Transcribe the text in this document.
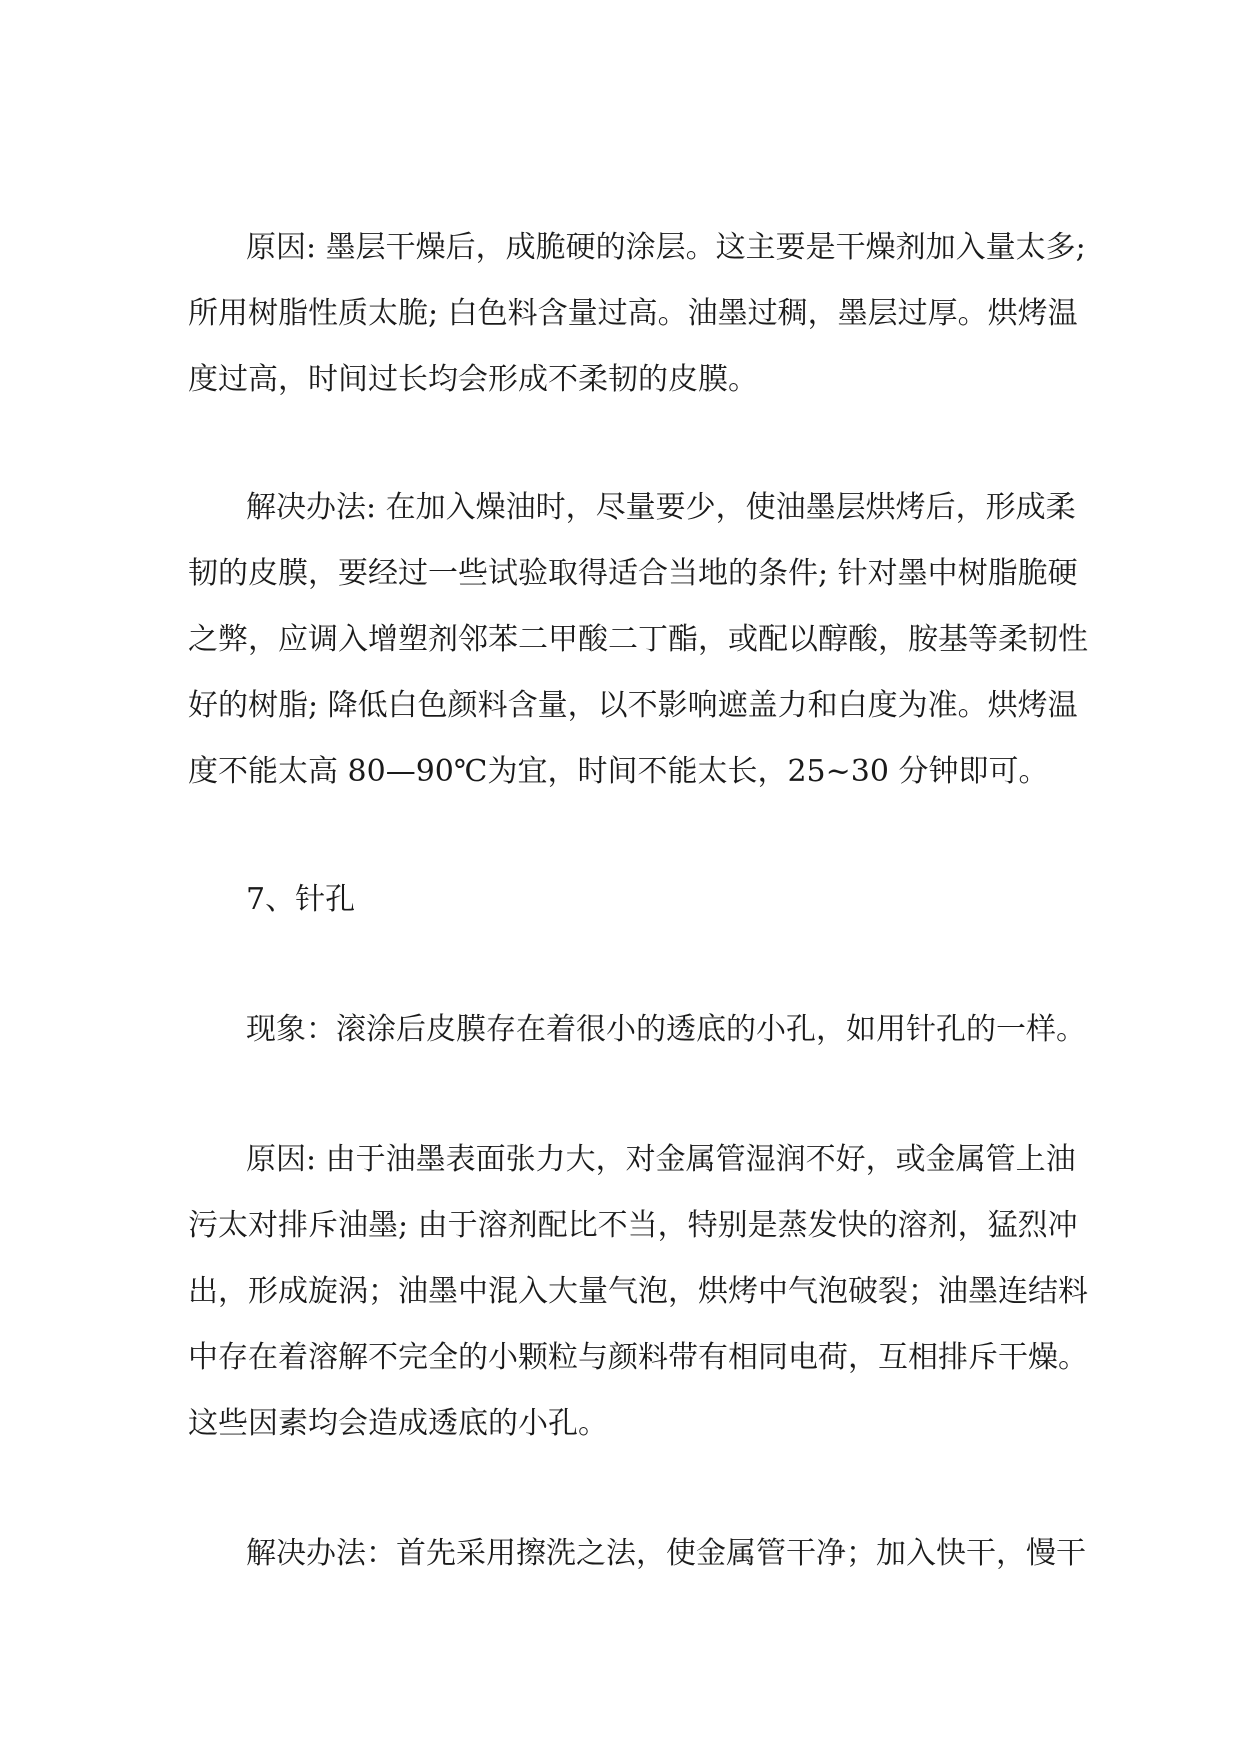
原因: 墨层干燥后，成脆硬的涂层。这主要是干燥剂加入量太多;

所用树脂性质太脆; 白色料含量过高。油墨过稠，墨层过厚。烘烤温

度过高，时间过长均会形成不柔韧的皮膜。

解决办法: 在加入燥油时，尽量要少，使油墨层烘烤后，形成柔

韧的皮膜，要经过一些试验取得适合当地的条件; 针对墨中树脂脆硬

之弊，应调入增塑剂邻苯二甲酸二丁酯，或配以醇酸，胺基等柔韧性

好的树脂; 降低白色颜料含量，以不影响遮盖力和白度为准。烘烤温

度不能太高 80—90℃为宜，时间不能太长，25~30 分钟即可。

7、针孔

现象：滚涂后皮膜存在着很小的透底的小孔，如用针孔的一样。

原因: 由于油墨表面张力大，对金属管湿润不好，或金属管上油

污太对排斥油墨; 由于溶剂配比不当，特别是蒸发快的溶剂，猛烈冲

出，形成旋涡；油墨中混入大量气泡，烘烤中气泡破裂；油墨连结料

中存在着溶解不完全的小颗粒与颜料带有相同电荷，互相排斥干燥。

这些因素均会造成透底的小孔。

解决办法：首先采用擦洗之法，使金属管干净；加入快干，慢干
